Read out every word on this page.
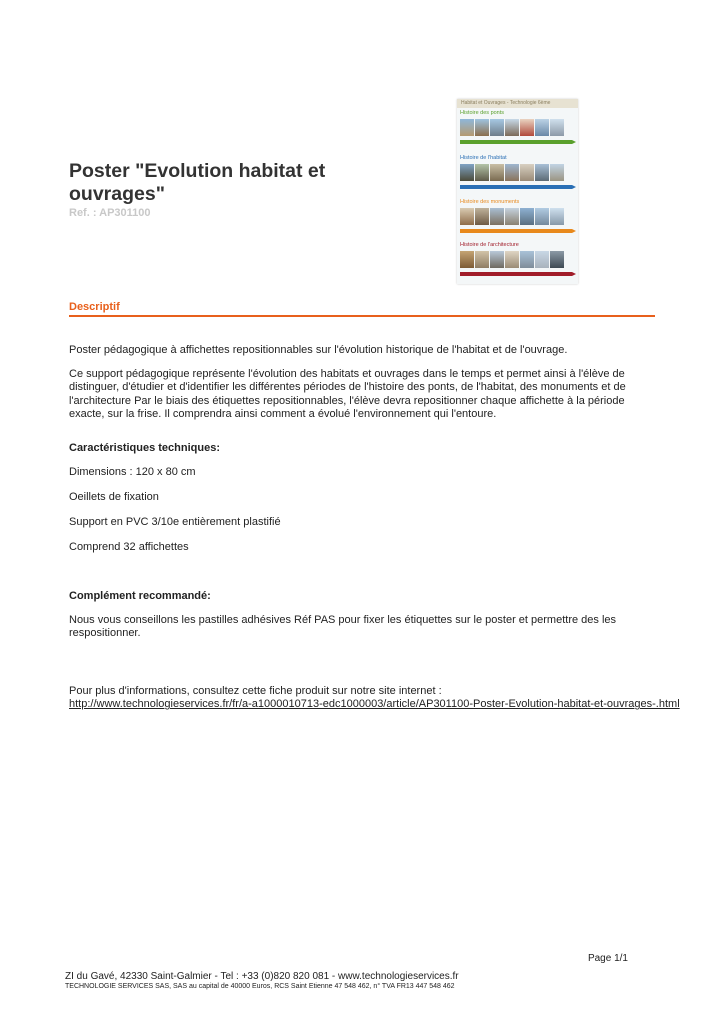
Poster "Evolution habitat et ouvrages"

Ref. : AP301100

Habitat et Ouvrages - Technologie 6ème
Histoire des ponts
Histoire de l'habitat
Histoire des monuments
Histoire de l'architecture
Descriptif

Poster pédagogique à affichettes repositionnables sur l'évolution historique de l'habitat et de l'ouvrage.

Ce support pédagogique représente l'évolution des habitats et ouvrages dans le temps et permet ainsi à l'élève de distinguer, d'étudier et d'identifier les différentes périodes de l'histoire des ponts, de l'habitat, des monuments et de l'architecture Par le biais des étiquettes repositionnables, l'élève devra repositionner chaque affichette à la période exacte, sur la frise. Il comprendra ainsi comment a évolué l'environnement qui l'entoure.

Caractéristiques techniques:

Dimensions : 120 x 80 cm

Oeillets de fixation

Support en PVC 3/10e entièrement plastifié

Comprend 32 affichettes

Complément recommandé:

Nous vous conseillons les pastilles adhésives Réf PAS pour fixer les étiquettes sur le poster et permettre des les respositionner.

Pour plus d'informations, consultez cette fiche produit sur notre site internet :
http://www.technologieservices.fr/fr/a-a1000010713-edc1000003/article/AP301100-Poster-Evolution-habitat-et-ouvrages-.html

Page 1/1

ZI du Gavé, 42330 Saint-Galmier - Tel : +33 (0)820 820 081 - www.technologieservices.fr

TECHNOLOGIE SERVICES SAS, SAS au capital de 40000 Euros, RCS Saint Etienne 47 548 462, n° TVA FR13 447 548 462
